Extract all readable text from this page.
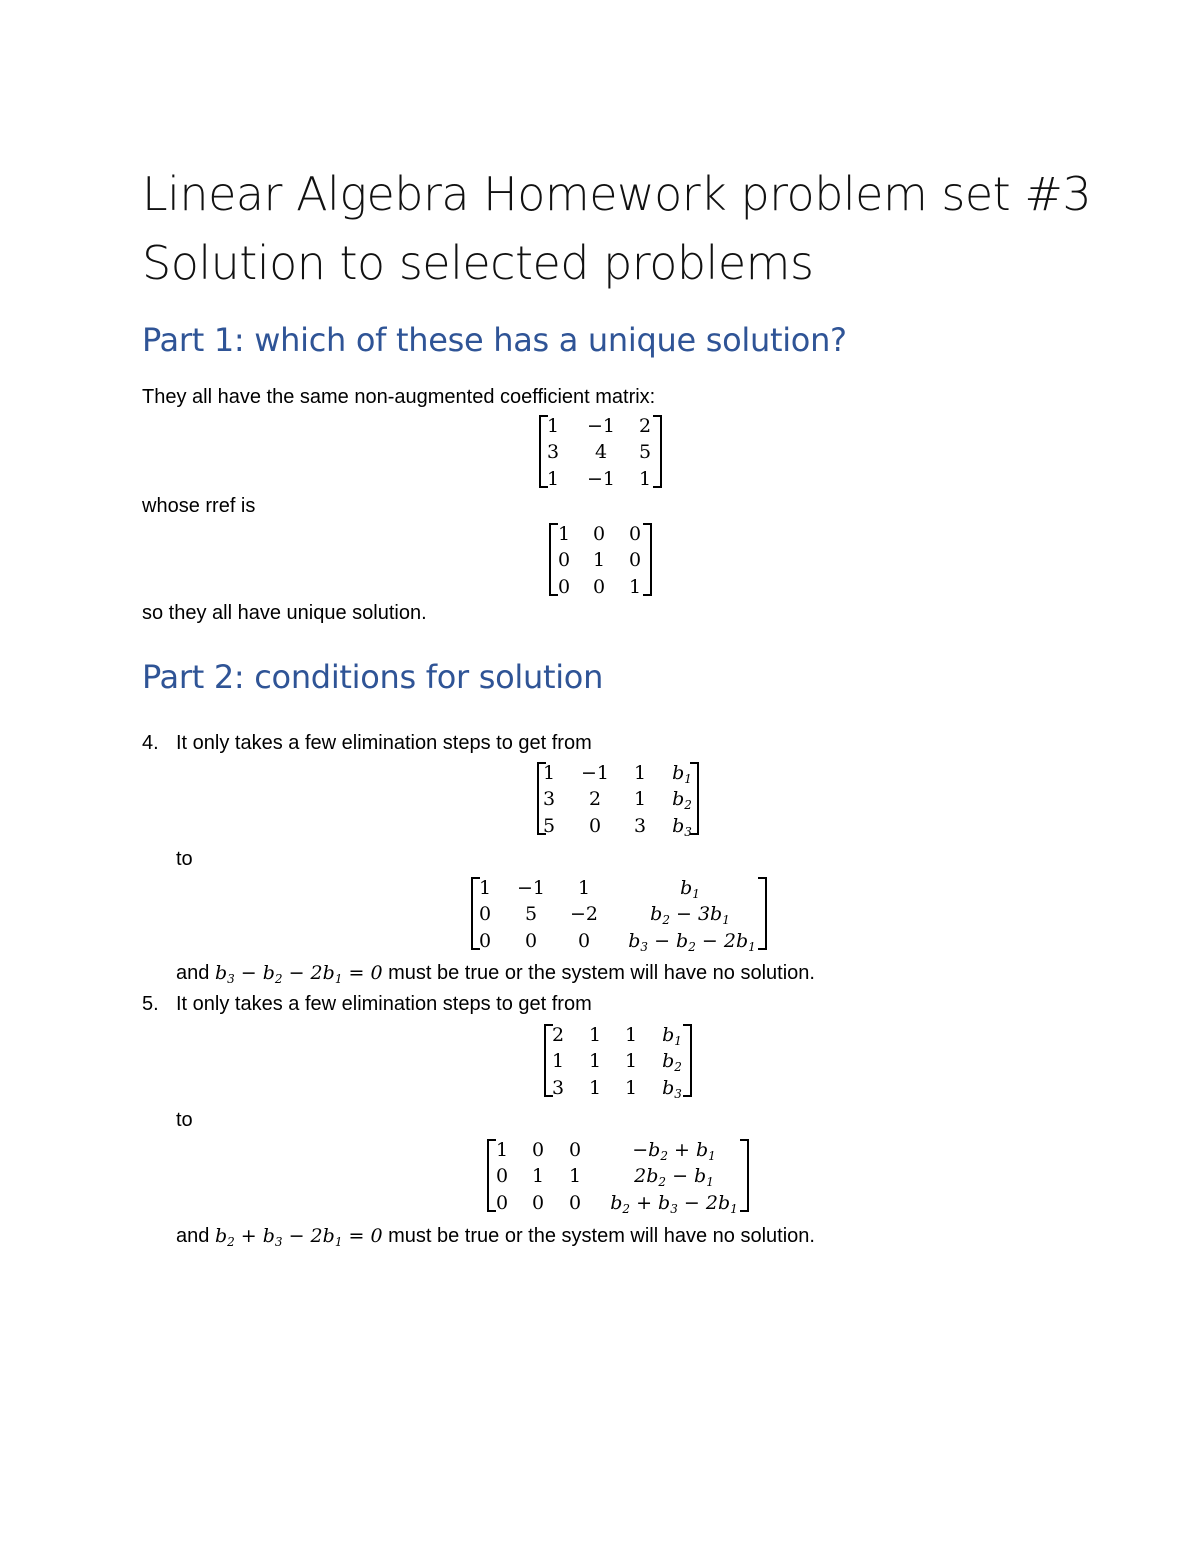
Linear Algebra Homework problem set #3
Solution to selected problems
Part 1: which of these has a unique solution?
They all have the same non-augmented coefficient matrix:
1 −1 2
3 4 5
1 −1 1
whose rref is
1 0 0
0 1 0
0 0 1
so they all have unique solution.
Part 2: conditions for solution
4. It only takes a few elimination steps to get from
1 −1 1 $b_1$
3 2 1 $b_2$
5 0 3 $b_3$
to
1 −1 1	$b_1$
0 5 −2	$b_2 - 3b_1$
0 0 0 $b_3 - b_2 - 2b_1$
and $b_3 - b_2 - 2b_1 = 0$ must be true or the system will have no solution.
5. It only takes a few elimination steps to get from
2 1 1 $b_1$
1 1 1 $b_2$
3 1 1 $b_3$
to
1 0 0	$-b_2 + b_1$
0 1 1	$2b_2 - b_1$
0 0 0 $b_2 + b_3 - 2b_1$
and $b_2 + b_3 - 2b_1 = 0$ must be true or the system will have no solution.
